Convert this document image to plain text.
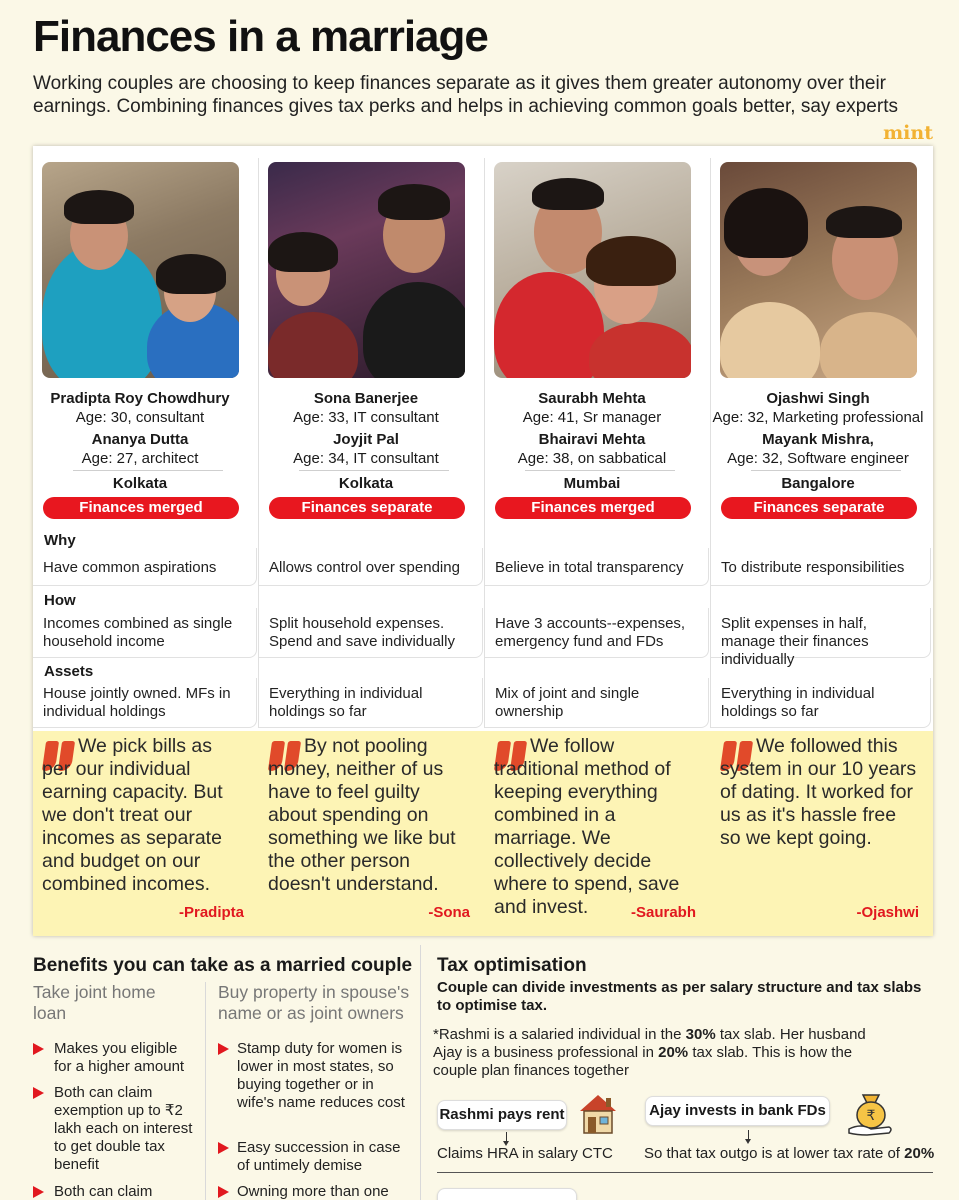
Finances in a marriage
Working couples are choosing to keep finances separate as it gives them greater autonomy over their earnings. Combining finances gives tax perks and helps in achieving common goals better, say experts
mint
Pradipta Roy Chowdhury
Age: 30, consultant
Ananya Dutta
Age: 27, architect
Kolkata
Finances merged
Why
Have common aspirations
How
Incomes combined as single household income
Assets
House jointly owned. MFs in individual holdings
We pick bills as per our individual earning capacity. But we don't treat our incomes as separate and budget on our combined incomes.
-Pradipta
Sona Banerjee
Age: 33, IT consultant
Joyjit Pal
Age: 34, IT consultant
Kolkata
Finances separate
Allows control over spending
Split household expenses. Spend and save individually
Everything in individual holdings so far
By not pooling money, neither of us have to feel guilty about spending on something we like but the other person doesn't understand.
-Sona
Saurabh Mehta
Age: 41, Sr manager
Bhairavi Mehta
Age: 38, on sabbatical
Mumbai
Finances merged
Believe in total transparency
Have 3 accounts--expenses, emergency fund and FDs
Mix of joint and single ownership
We follow traditional method of keeping everything combined in a marriage. We collectively decide where to spend, save and invest.	-Saurabh
Ojashwi Singh
Age: 32, Marketing professional
Mayank Mishra,
Age: 32, Software engineer
Bangalore
Finances separate
To distribute responsibilities
Split expenses in half, manage their finances individually
Everything in individual holdings so far
We followed this system in our 10 years of dating. It worked for us as it's hassle free so we kept going.
-Ojashwi
Benefits you can take as a married couple
Take joint home loan
Buy property in spouse's name or as joint owners
Makes you eligible for a higher amount
Both can claim exemption up to ₹2 lakh each on interest to get double tax benefit
Both can claim
Stamp duty for women is lower in most states, so buying together or in wife's name reduces cost
Easy succession in case of untimely demise
Owning more than one
Tax optimisation
Couple can divide investments as per salary structure and tax slabs to optimise tax.
*Rashmi is a salaried individual in the 30% tax slab. Her husband Ajay is a business professional in 20% tax slab. This is how the couple plan finances together
Rashmi pays rent
Claims HRA in salary CTC
Ajay invests in bank FDs	₹
So that tax outgo is at lower tax rate of 20%
